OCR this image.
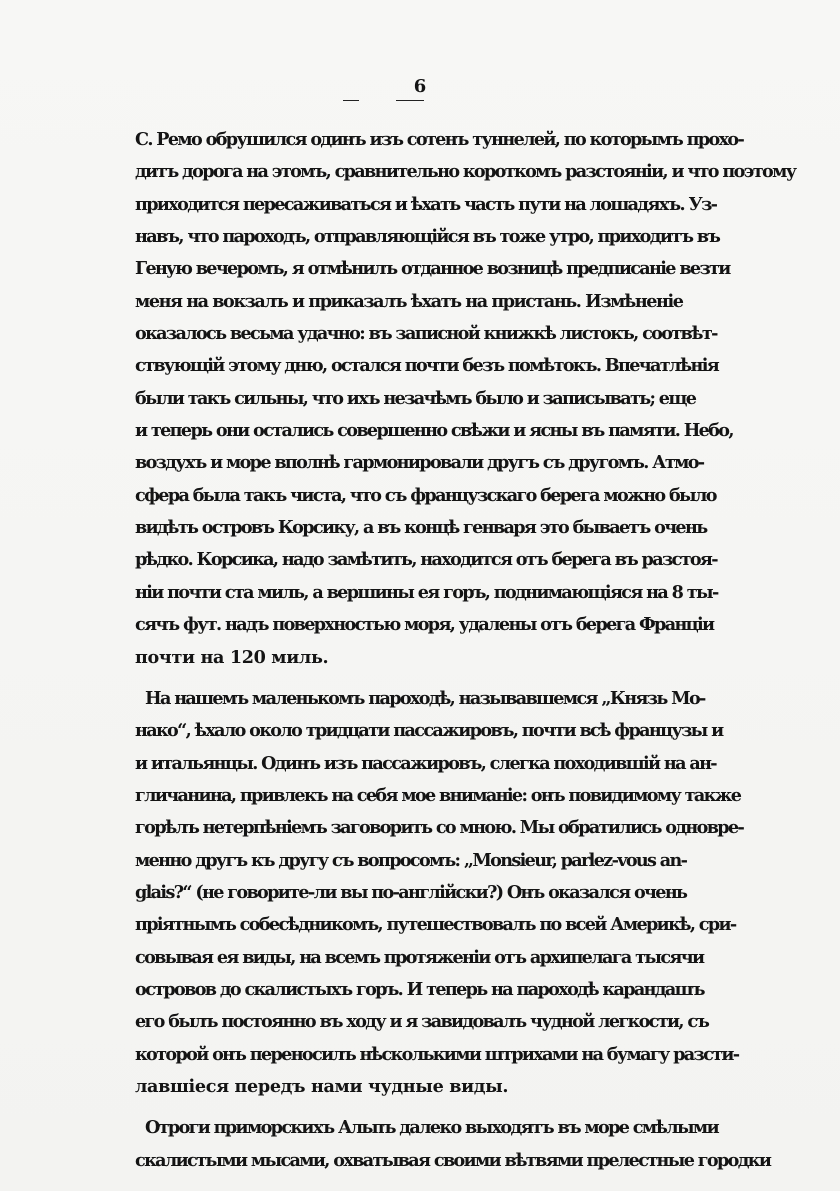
6
С. Ремо обрушился одинъ изъ сотенъ туннелей, по которымъ прохо-
дитъ дорога на этомъ, сравнительно короткомъ разстоянiи, и что поэтому
приходится пересаживаться и ѣхать часть пути на лошадяхъ. Уз-
навъ, что пароходъ, отправляющiйся въ тоже утро, приходитъ въ
Генyю вечеромъ, я отмѣнилъ отданное возницѣ предписанiе везти
меня на вокзалъ и приказалъ ѣхать на пристань. Измѣненiе
оказалось весьма удачно: въ записной книжкѣ листокъ, соотвѣт-
ствующiй этому дню, остался почти безъ помѣтокъ. Впечатлѣнiя
были такъ сильны, что ихъ незачѣмъ было и записывать; еще
и теперь они остались совершенно свѣжи и ясны въ памяти. Небо,
воздухъ и море вполнѣ гармонировали другъ съ другомъ. Атмо-
сфера была такъ чиста, что съ французскаго берега можно было
видѣть островъ Корсику, а въ концѣ генваря это бываетъ очень
рѣдко. Корсика, надо замѣтить, находится отъ берега въ разстоя-
нiи почти ста миль, а вершины ея горъ, поднимающiяся на 8 ты-
сячъ фут. надъ поверхностью моря, удалены отъ берега Францiи
почти на 120 миль.
На нашемъ маленькомъ пароходѣ, называвшемся „Князь Мо-
нако“, ѣхало около тридцати пассажировъ, почти всѣ французы и
и итальянцы. Одинъ изъ пассажировъ, слегка походившiй на ан-
гличанина, привлекъ на себя мое вниманiе: онъ повидимому также
горѣлъ нетерпѣнiемъ заговорить со мною. Мы обратились одновре-
менно другъ къ другу съ вопросомъ: „Monsieur, parlez-vous an-
glais?“ (не говорите-ли вы по-англiйски?) Онъ оказался очень
прiятнымъ собесѣдникомъ, путешествовалъ по всей Америкѣ, сри-
совывая ея виды, на всемъ протяженiи отъ архипелага тысячи
островов до скалистыхъ горъ. И теперь на пароходѣ карандашъ
его былъ постоянно въ ходу и я завидовалъ чудной легкости, съ
которой онъ переносилъ нѣсколькими штрихами на бумагу разсти-
лавшiеся передъ нами чудные виды.
Отроги приморскихъ Альпъ далеко выходятъ въ море смѣлыми
скалистыми мысами, охватывая своими вѣтвями прелестные городки
